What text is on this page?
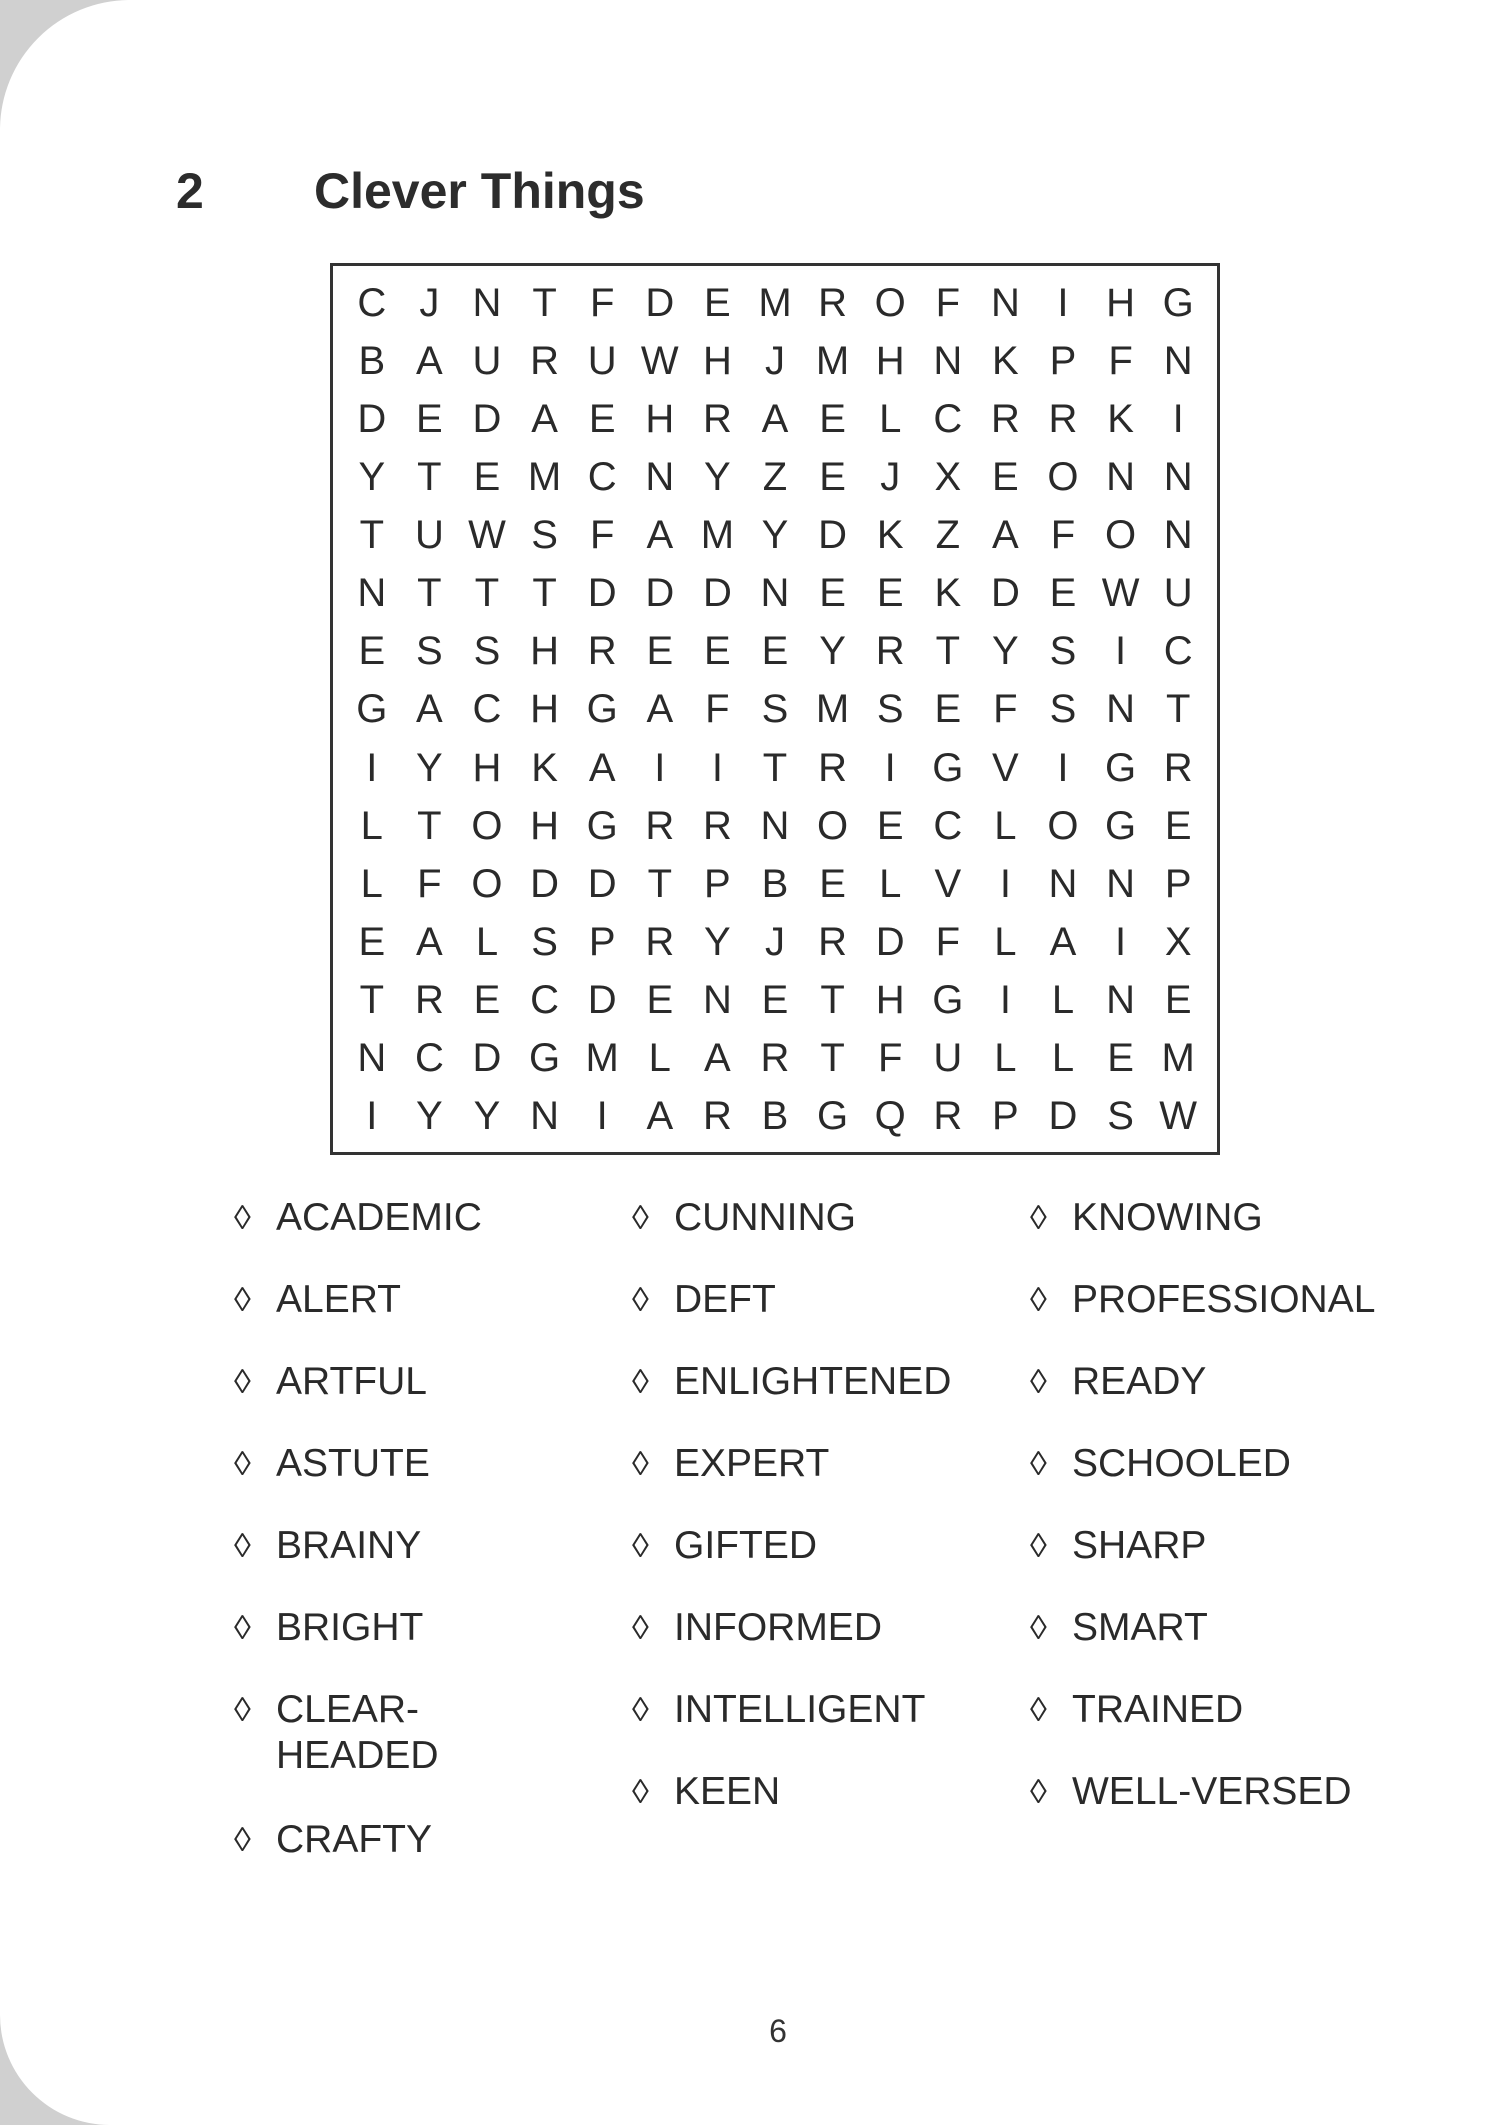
2 Clever Things
C J N T F D E M R O F N I H G
B A U R U W H J M H N K P F N
D E D A E H R A E L C R R K I
Y T E M C N Y Z E J X E O N N
T U W S F A M Y D K Z A F O N
N T T T D D D N E E K D E W U
E S S H R E E E Y R T Y S I C
G A C H G A F S M S E F S N T
I Y H K A I	I T R I G V I G R
L T O H G R R N O E C L O G E
L F O D D T P B E L V I N N P
E A L S P R Y J R D F L A I X
T R E C D E N E T H G I	L N E
N C D G M L A R T F U L L E M
I Y Y N I A R B G Q R P D S W
◊ ACADEMIC
◊ ALERT
◊ ARTFUL
◊ ASTUTE
◊ BRAINY
◊ BRIGHT
◊ CLEAR-
HEADED
◊ CRAFTY
◊ CUNNING
◊ DEFT
◊ ENLIGHTENED
◊ EXPERT
◊ GIFTED
◊ INFORMED
◊ INTELLIGENT
◊ KEEN
◊ KNOWING
◊ PROFESSIONAL
◊ READY
◊ SCHOOLED
◊ SHARP
◊ SMART
◊ TRAINED
◊ WELL-VERSED
6
